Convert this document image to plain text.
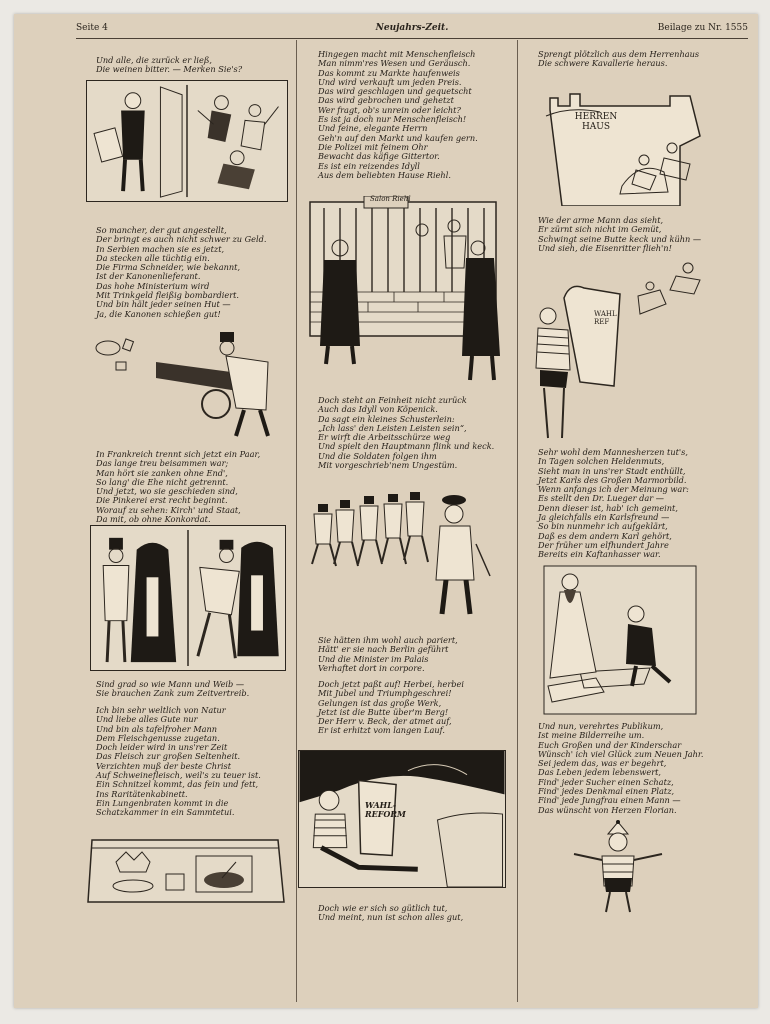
Seite 4	Neujahrs-Zeit.	Beilage zu Nr. 1555
Und alle, die zurück er ließ,
Die weinen bitter. — Merken Sie's?
So mancher, der gut angestellt,
Der bringt es auch nicht schwer zu Geld.
In Serbien machen sie es jetzt,
Da stecken alle tüchtig ein.
Die Firma Schneider, wie bekannt,
Ist der Kanonenlieferant.
Das hohe Ministerium wird
Mit Trinkgeld fleißig bombardiert.
Und bin hält jeder seinen Hut —
Ja, die Kanonen schießen gut!
In Frankreich trennt sich jetzt ein Paar,
Das lange treu beisammen war;
Man hört sie zanken ohne End',
So lang' die Ehe nicht getrennt.
Und jetzt, wo sie geschieden sind,
Die Pinkerei erst recht beginnt.
Worauf zu sehen: Kirch' und Staat,
Da mit, ob ohne Konkordat.
Sind grad so wie Mann und Weib —
Sie brauchen Zank zum Zeitvertreib.
Ich bin sehr weltlich von Natur
Und liebe alles Gute nur
Und bin als tafelfroher Mann
Dem Fleischgenusse zugetan.
Doch leider wird in uns'rer Zeit
Das Fleisch zur großen Seltenheit.
Verzichten muß der beste Christ
Auf Schweinefleisch, weil's zu teuer ist.
Ein Schnitzel kommt, das fein und fett,
Ins Raritätenkabinett.
Ein Lungenbraten kommt in die
Schatzkammer in ein Sammtetui.
Hingegen macht mit Menschenfleisch
Man nimm'res Wesen und Geräusch.
Das kommt zu Markte haufenweis
Und wird verkauft um jeden Preis.
Das wird geschlagen und gequetscht
Das wird gebrochen und gehetzt
Wer fragt, ob's unrein oder leicht?
Es ist ja doch nur Menschenfleisch!
Und feine, elegante Herrn
Geh'n auf den Markt und kaufen gern.
Die Polizei mit feinem Ohr
Bewacht das käfige Gittertor.
Es ist ein reizendes Idyll
Aus dem beliebten Hause Riehl.
Salon Riehl
Doch steht an Feinheit nicht zurück
Auch das Idyll von Köpenick.
Da sagt ein kleines Schusterlein:
„Ich lass' den Leisten Leisten sein“,
Er wirft die Arbeitsschürze weg
Und spielt den Hauptmann flink und keck.
Und die Soldaten folgen ihm
Mit vorgeschrieb'nem Ungestüm.
Sie hätten ihm wohl auch pariert,
Hätt' er sie nach Berlin geführt
Und die Minister im Palais
Verhaftet dort in corpore.
Doch jetzt paßt auf! Herbei, herbei
Mit Jubel und Triumphgeschrei!
Gelungen ist das große Werk,
Jetzt ist die Butte über'm Berg!
Der Herr v. Beck, der atmet auf,
Er ist erhitzt vom langen Lauf.
WAHL-REFORM
Doch wie er sich so gütlich tut,
Und meint, nun ist schon alles gut,
Sprengt plötzlich aus dem Herrenhaus
Die schwere Kavallerie heraus.
HERREN HAUS
Wie der arme Mann das sieht,
Er zürnt sich nicht im Gemüt,
Schwingt seine Butte keck und kühn —
Und sieh, die Eisenritter flieh'n!
WAHL REF
Sehr wohl dem Mannesherzen tut's,
In Tagen solchen Heldenmuts,
Sieht man in uns'rer Stadt enthüllt,
Jetzt Karls des Großen Marmorbild.
Wenn anfangs ich der Meinung war:
Es stellt den Dr. Lueger dar —
Denn dieser ist, hab' ich gemeint,
Ja gleichfalls ein Karlsfreund —
So bin nunmehr ich aufgeklärt,
Daß es dem andern Karl gehört,
Der früher um elfhundert Jahre
Bereits ein Kaftanhasser war.
Und nun, verehrtes Publikum,
Ist meine Bilderreihe um.
Euch Großen und der Kinderschar
Wünsch' ich viel Glück zum Neuen Jahr.
Sei jedem das, was er begehrt,
Das Leben jedem lebenswert,
Find' jeder Sucher einen Schatz,
Find' jedes Denkmal einen Platz,
Find' jede Jungfrau einen Mann —
Das wünscht von Herzen Florian.
